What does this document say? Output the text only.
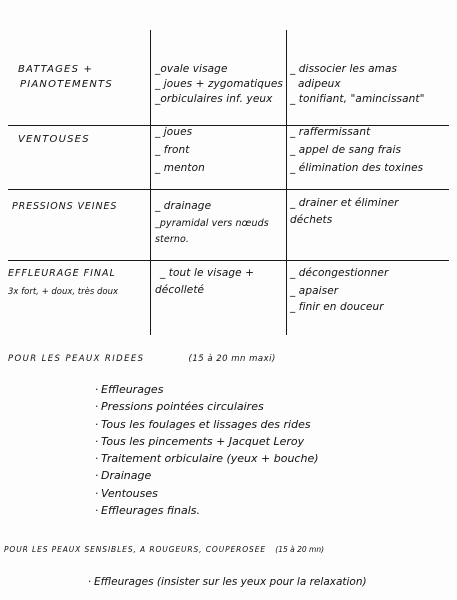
BATTAGES +
PIANOTEMENTS
_ovale visage
_ joues + zygomatiques
_orbiculaires inf. yeux
_ dissocier les amas
adipeux
_ tonifiant, "amincissant"
VENTOUSES
_ joues
_ front
_ menton
_ raffermissant
_ appel de sang frais
_ élimination des toxines
PRESSIONS VEINES	_ drainage
_pyramidal vers nœuds
sterno.
_ drainer et éliminer
déchets
EFFLEURAGE FINAL
3x fort, + doux, très doux
_ tout le visage +
décolleté
_ décongestionner
_ apaiser
_ finir en douceur
POUR LES PEAUX RIDEES	(15 à 20 mn maxi)
· Effleurages
· Pressions pointées circulaires
· Tous les foulages et lissages des rides
· Tous les pincements + Jacquet Leroy
· Traitement orbiculaire (yeux + bouche)
· Drainage
· Ventouses
· Effleurages finals.
POUR LES PEAUX SENSIBLES, A ROUGEURS, COUPEROSEE (15 à 20 mn)
· Effleurages (insister sur les yeux pour la relaxation)
